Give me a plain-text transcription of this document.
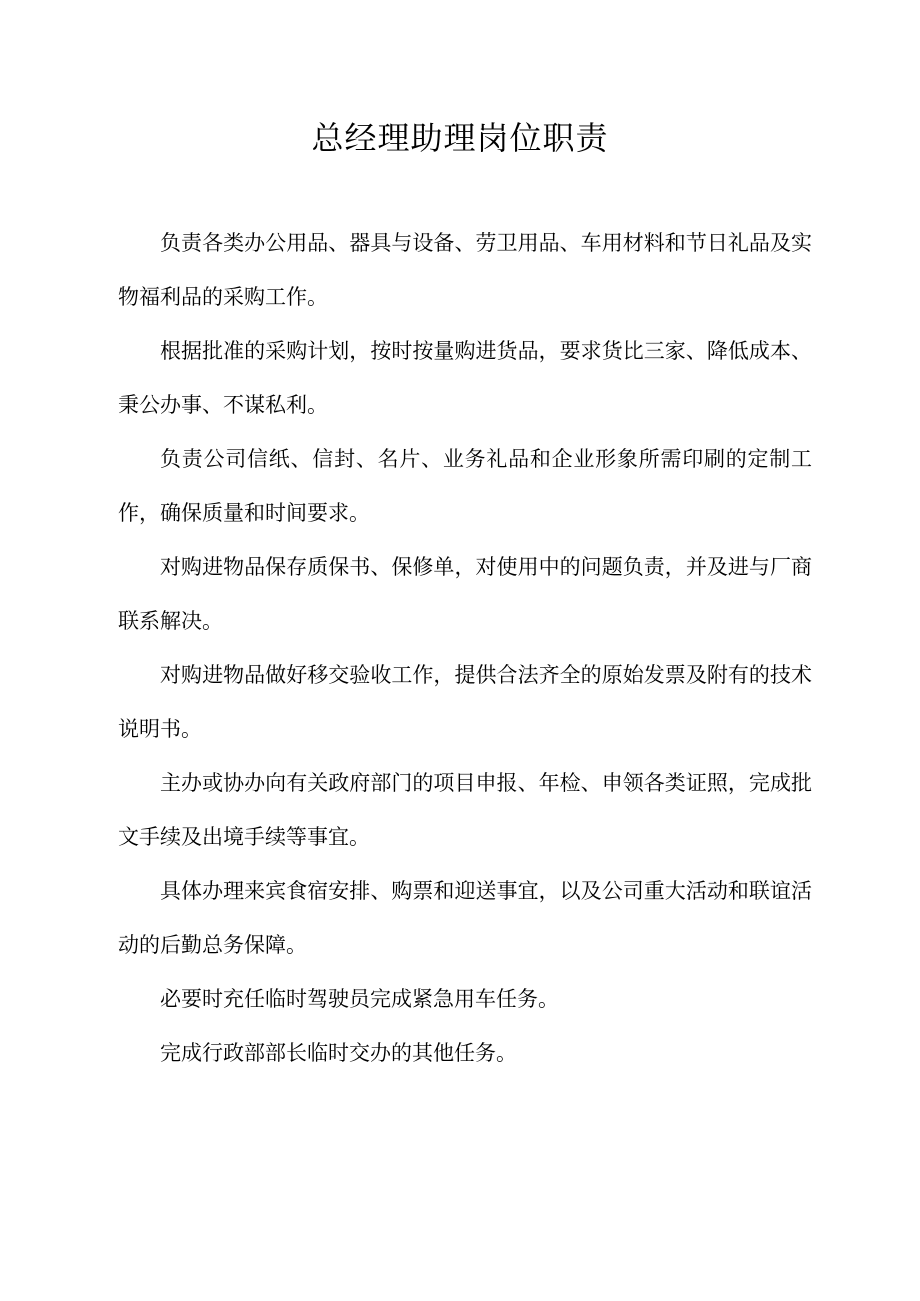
总经理助理岗位职责

负责各类办公用品、器具与设备、劳卫用品、车用材料和节日礼品及实物福利品的采购工作。

根据批准的采购计划，按时按量购进货品，要求货比三家、降低成本、秉公办事、不谋私利。

负责公司信纸、信封、名片、业务礼品和企业形象所需印刷的定制工作，确保质量和时间要求。

对购进物品保存质保书、保修单，对使用中的问题负责，并及进与厂商联系解决。

对购进物品做好移交验收工作，提供合法齐全的原始发票及附有的技术说明书。

主办或协办向有关政府部门的项目申报、年检、申领各类证照，完成批文手续及出境手续等事宜。

具体办理来宾食宿安排、购票和迎送事宜，以及公司重大活动和联谊活动的后勤总务保障。

必要时充任临时驾驶员完成紧急用车任务。

完成行政部部长临时交办的其他任务。
